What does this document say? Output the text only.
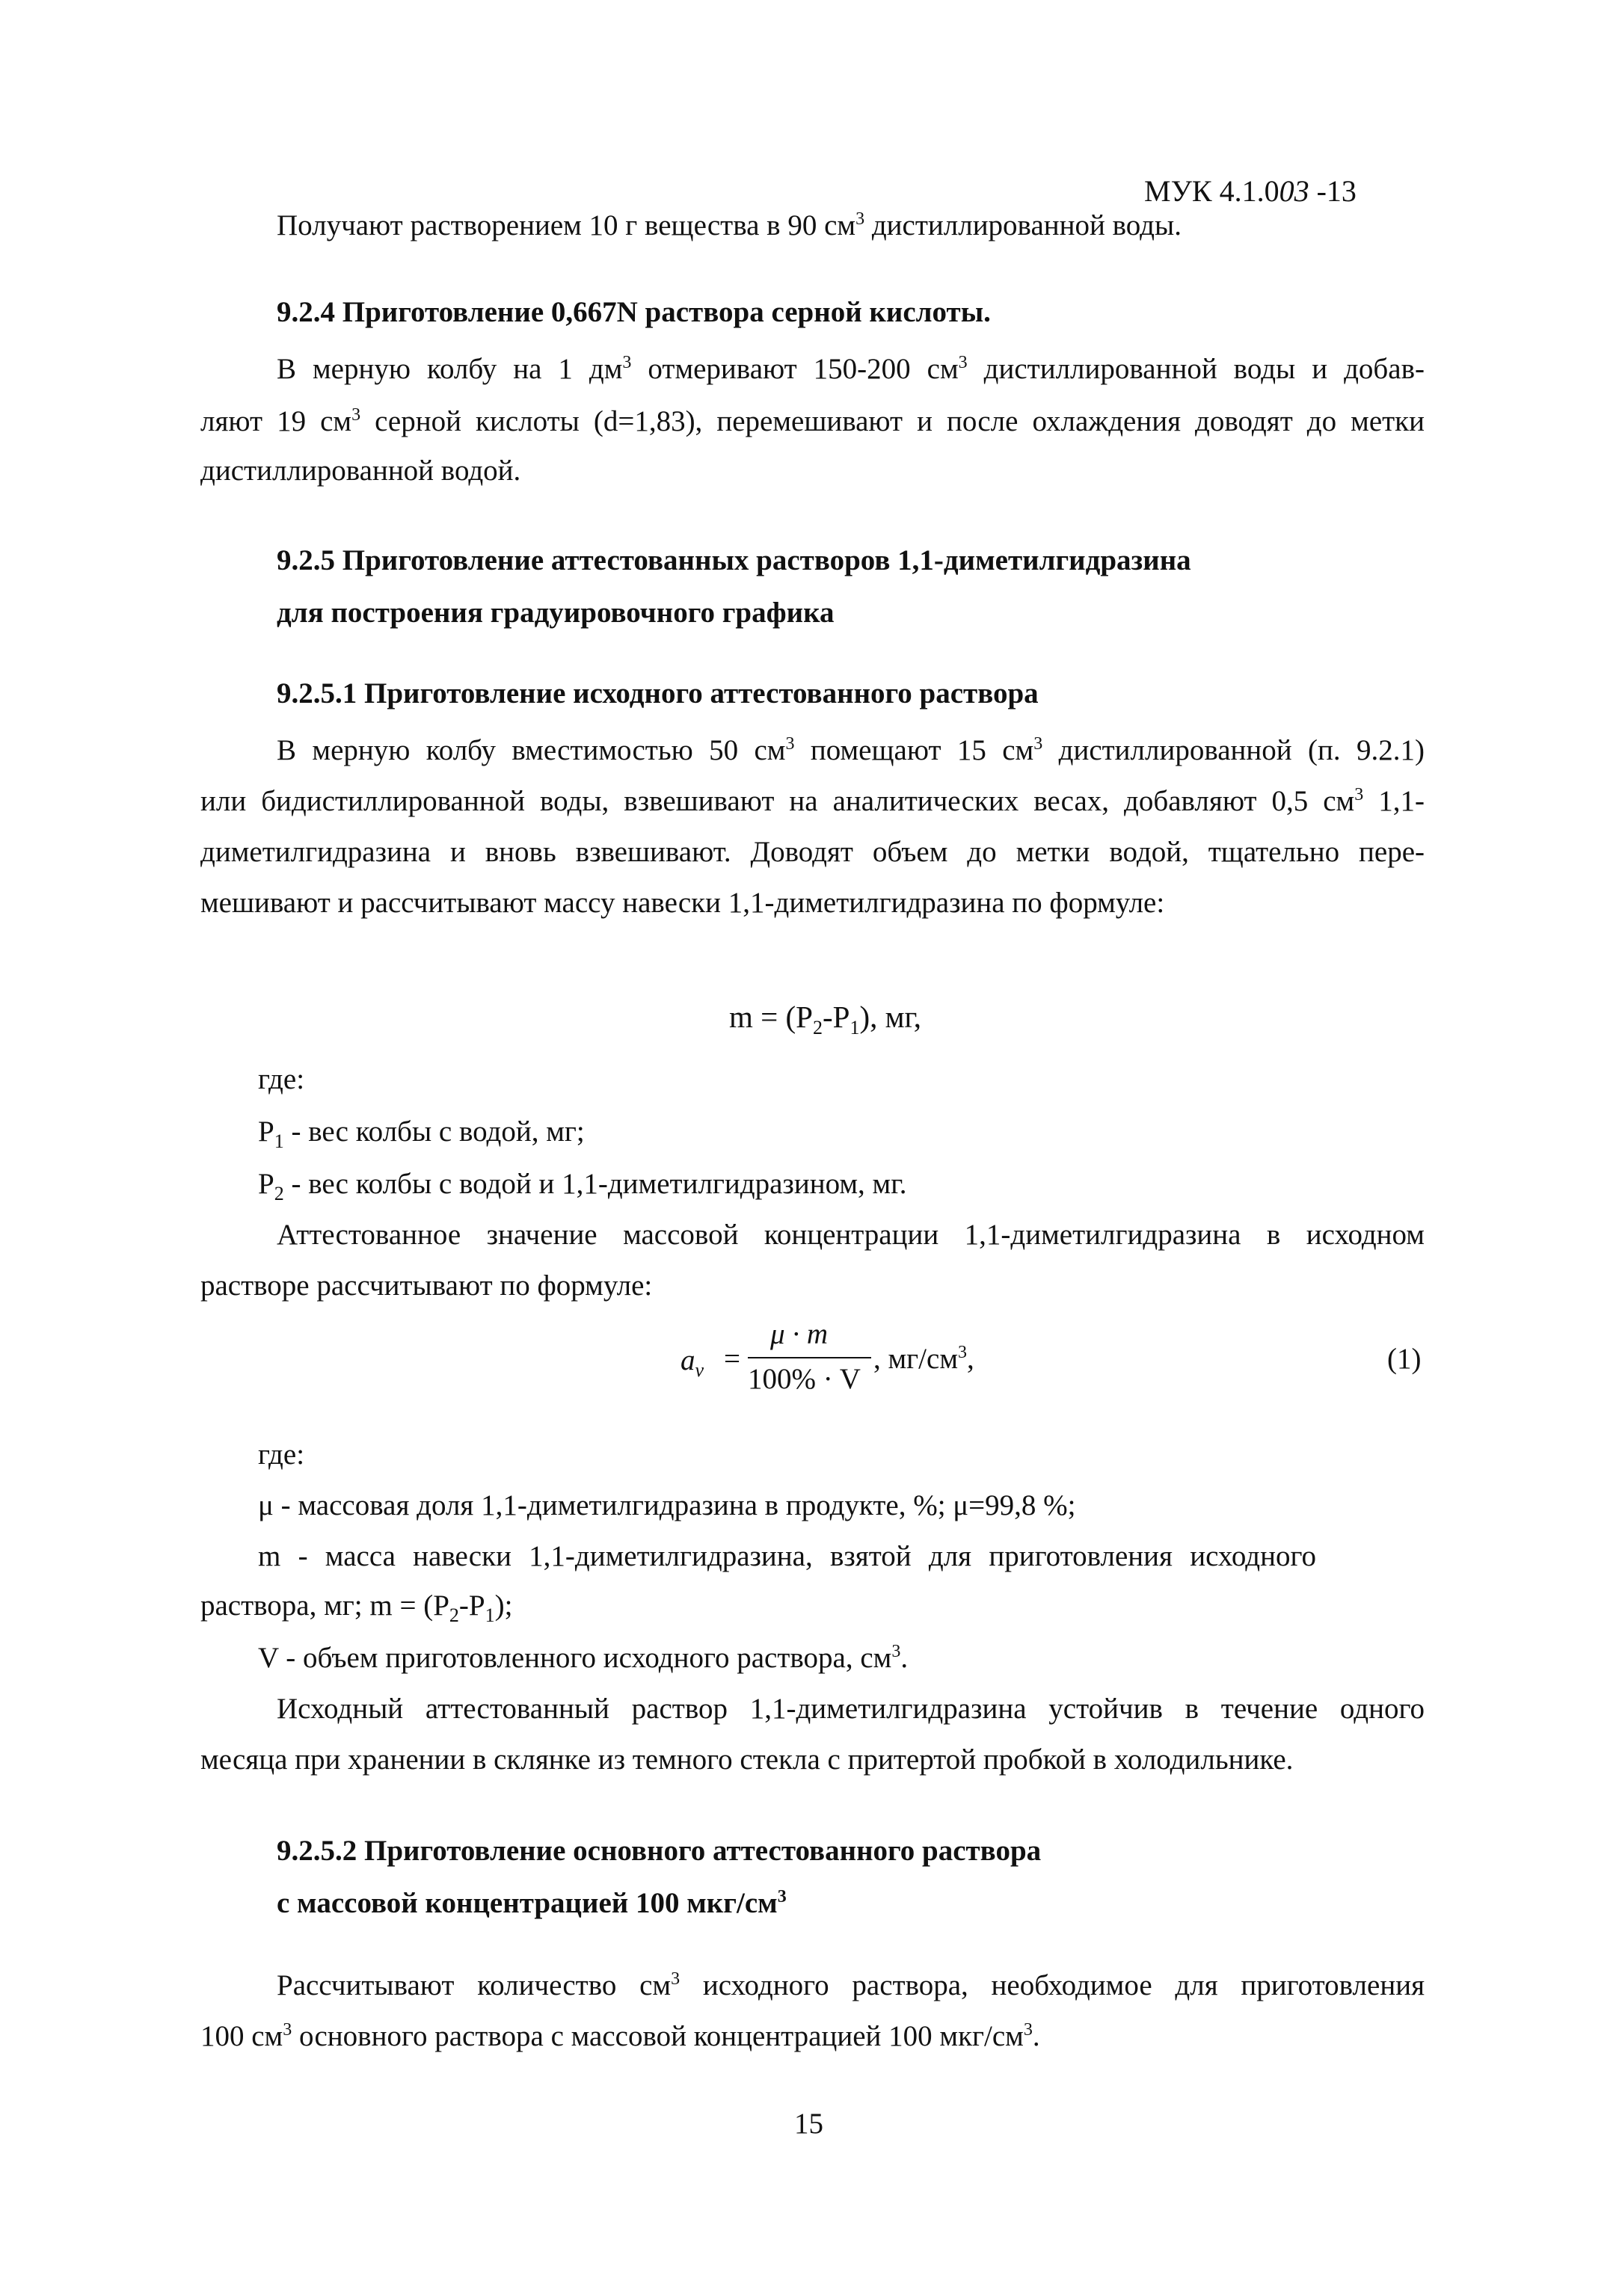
МУК 4.1.003 -13
Получают растворением 10 г вещества в 90 $см^3$ дистиллированной воды.
9.2.4 Приготовление 0,667N раствора серной кислоты.
В мерную колбу на 1 $дм^3$ отмеривают 150-200 $см^3$ дистиллированной воды и добав-
ляют 19 $см^3$ серной кислоты (d=1,83), перемешивают и после охлаждения доводят до метки
дистиллированной водой.
9.2.5 Приготовление аттестованных растворов 1,1-диметилгидразина
для построения градуировочного графика
9.2.5.1 Приготовление исходного аттестованного раствора
В мерную колбу вместимостью 50 $см^3$ помещают 15 $см^3$ дистиллированной (п. 9.2.1)
или бидистиллированной воды, взвешивают на аналитических весах, добавляют 0,5 $см^3$ 1,1-
диметилгидразина и вновь взвешивают. Доводят объем до метки водой, тщательно пере-
мешивают и рассчитывают массу навески 1,1-диметилгидразина по формуле:
$m = (P_2-P_1)$, мг,
где:
$P_1$ - вес колбы с водой, мг;
$P_2$ - вес колбы с водой и 1,1-диметилгидразином, мг.
Аттестованное значение массовой концентрации 1,1-диметилгидразина в исходном
растворе рассчитывают по формуле:
$a_v$ =
μ · m
100% · V
, $мг/см^3$,	(1)
где:
μ - массовая доля 1,1-диметилгидразина в продукте, %; μ=99,8 %;
m - масса навески 1,1-диметилгидразина, взятой для приготовления исходного
раствора, мг; $m = (P_2-P_1)$;
V - объем приготовленного исходного раствора, $см^3$.
Исходный аттестованный раствор 1,1-диметилгидразина устойчив в течение одного
месяца при хранении в склянке из темного стекла с притертой пробкой в холодильнике.
9.2.5.2 Приготовление основного аттестованного раствора
с массовой концентрацией 100 мкг/$см^3$
Рассчитывают количество $см^3$ исходного раствора, необходимое для приготовления
100 $см^3$ основного раствора с массовой концентрацией 100 мкг/$см^3$.
15
